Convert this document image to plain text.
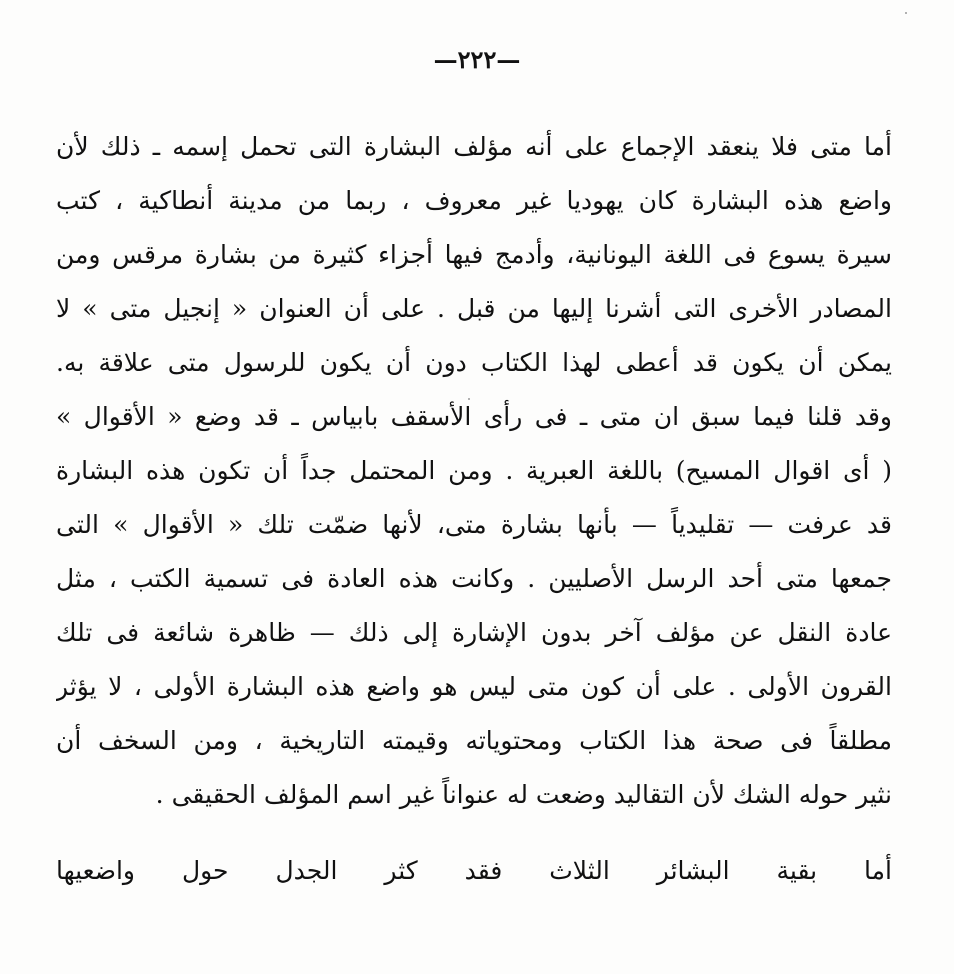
—٢٢٢—
أما متى فلا ينعقد الإجماع على أنه مؤلف البشارة التى تحمل إسمه ـ ذلك لأن
واضع هذه البشارة كان يهوديا غير معروف ، ربما من مدينة أنطاكية ، كتب
سيرة يسوع فى اللغة اليونانية، وأدمج فيها أجزاء كثيرة من بشارة مرقس ومن
المصادر الأخرى التى أشرنا إليها من قبل . على أن العنوان « إنجيل متى » لا
يمكن أن يكون قد أعطى لهذا الكتاب دون أن يكون للرسول متى علاقة به.
وقد قلنا فيما سبق ان متى ـ فى رأى الأسقف بابياس ـ قد وضع « الأقوال »
( أى اقوال المسيح) باللغة العبرية . ومن المحتمل جداً أن تكون هذه البشارة
قد عرفت — تقليدياً — بأنها بشارة متى، لأنها ضمّت تلك « الأقوال » التى
جمعها متى أحد الرسل الأصليين . وكانت هذه العادة فى تسمية الكتب ، مثل
عادة النقل عن مؤلف آخر بدون الإشارة إلى ذلك — ظاهرة شائعة فى تلك
القرون الأولى . على أن كون متى ليس هو واضع هذه البشارة الأولى ، لا يؤثر
مطلقاً فى صحة هذا الكتاب ومحتوياته وقيمته التاريخية ، ومن السخف أن
نثير حوله الشك لأن التقاليد وضعت له عنواناً غير اسم المؤلف الحقيقى .
أما بقية البشائر الثلاث فقد كثر الجدل حول واضعيها
